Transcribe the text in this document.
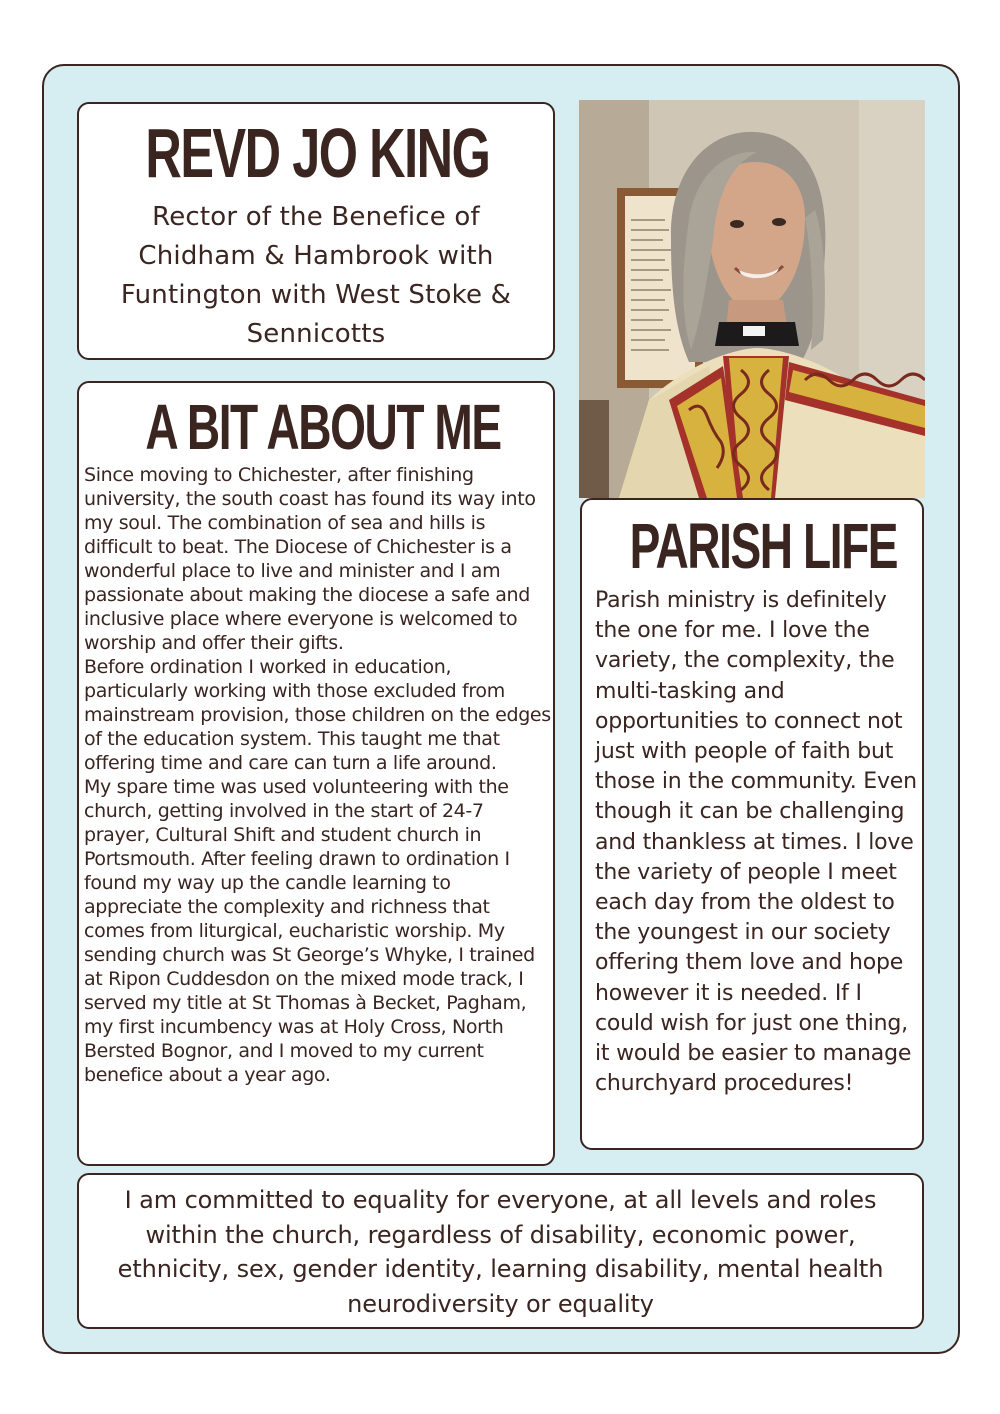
REVD JO KING
Rector of the Benefice of Chidham & Hambrook with Funtington with West Stoke & Sennicotts
A BIT ABOUT ME

Since moving to Chichester, after finishing university, the south coast has found its way into my soul. The combination of sea and hills is difficult to beat. The Diocese of Chichester is a wonderful place to live and minister and I am passionate about making the diocese a safe and inclusive place where everyone is welcomed to worship and offer their gifts.

Before ordination I worked in education, particularly working with those excluded from mainstream provision, those children on the edges of the education system. This taught me that offering time and care can turn a life around.

My spare time was used volunteering with the church, getting involved in the start of 24-7 prayer, Cultural Shift and student church in Portsmouth. After feeling drawn to ordination I found my way up the candle learning to appreciate the complexity and richness that comes from liturgical, eucharistic worship. My sending church was St George’s Whyke, I trained at Ripon Cuddesdon on the mixed mode track, I served my title at St Thomas à Becket, Pagham, my first incumbency was at Holy Cross, North Bersted Bognor, and I moved to my current benefice about a year ago.

PARISH LIFE
Parish ministry is definitely the one for me. I love the variety, the complexity, the multi-tasking and opportunities to connect not just with people of faith but those in the community. Even though it can be challenging and thankless at times. I love the variety of people I meet each day from the oldest to the youngest in our society offering them love and hope however it is needed. If I could wish for just one thing, it would be easier to manage churchyard procedures!
I am committed to equality for everyone, at all levels and roles within the church, regardless of disability, economic power, ethnicity, sex, gender identity, learning disability, mental health neurodiversity or equality
